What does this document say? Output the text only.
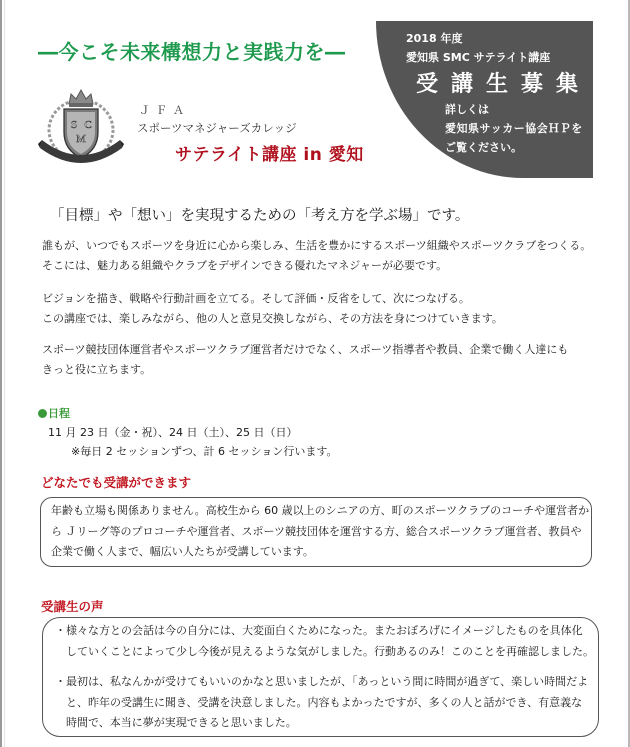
―今こそ未来構想力と実践力を―
S C
M
ＪＦＡ
スポーツマネジャーズカレッジ
サテライト講座 in 愛知
2018 年度
愛知県 SMC サテライト講座
受講生募集
詳しくは
愛知県サッカー協会ＨＰを
ご覧ください。
「目標」や「想い」を実現するための「考え方を学ぶ場」です。
誰もが、いつでもスポーツを身近に心から楽しみ、生活を豊かにするスポーツ組織やスポーツクラブをつくる。
そこには、魅力ある組織やクラブをデザインできる優れたマネジャーが必要です。
ビジョンを描き、戦略や行動計画を立てる。そして評価・反省をして、次につなげる。
この講座では、楽しみながら、他の人と意見交換しながら、その方法を身につけていきます。
スポーツ競技団体運営者やスポーツクラブ運営者だけでなく、スポーツ指導者や教員、企業で働く人達にも
きっと役に立ちます。
日程
11 月 23 日（金・祝）、24 日（土）、25 日（日）
※毎日 2 セッションずつ、計 6 セッション行います。
どなたでも受講ができます
年齢も立場も関係ありません。高校生から 60 歳以上のシニアの方、町のスポーツクラブのコーチや運営者か
ら Ｊリーグ等のプロコーチや運営者、スポーツ競技団体を運営する方、総合スポーツクラブ運営者、教員や
企業で働く人まで、幅広い人たちが受講しています。
受講生の声
・様々な方との会話は今の自分には、大変面白くためになった。またおぼろげにイメージしたものを具体化
していくことによって少し今後が見えるような気がしました。行動あるのみ！このことを再確認しました。
・最初は、私なんかが受けてもいいのかなと思いましたが、「あっという間に時間が過ぎて、楽しい時間だよ
と、昨年の受講生に聞き、受講を決意しました。内容もよかったですが、多くの人と話ができ、有意義な
時間で、本当に夢が実現できると思いました。
